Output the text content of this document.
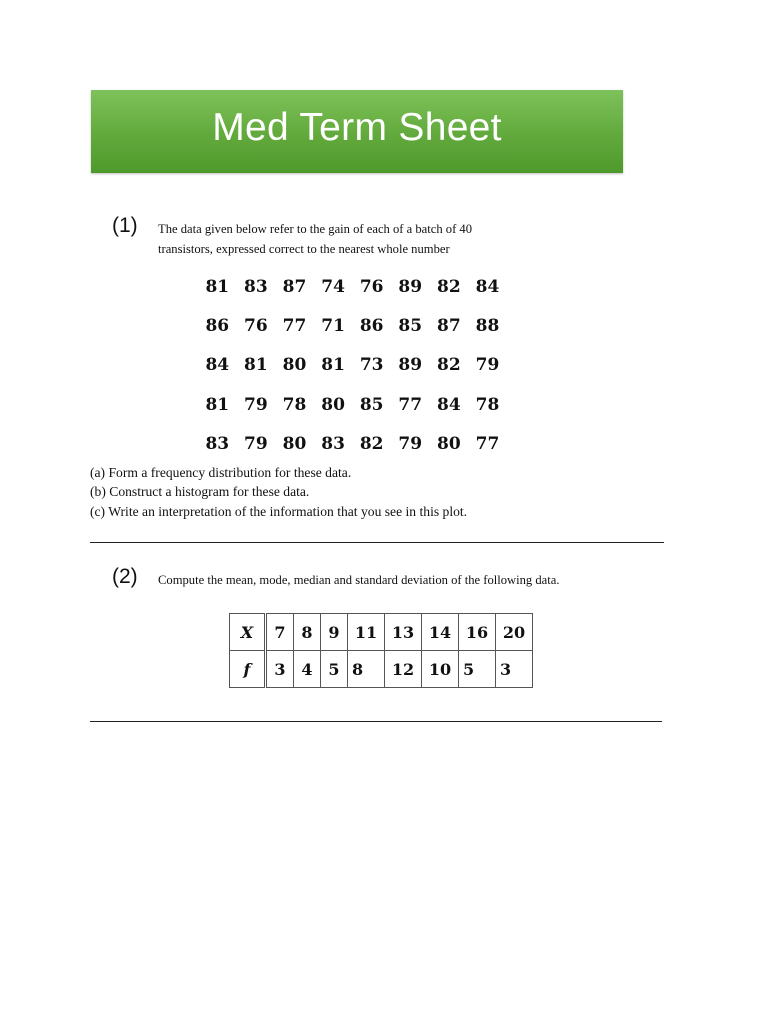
Med Term Sheet
(1) The data given below refer to the gain of each of a batch of 40
transistors, expressed correct to the nearest whole number
81 83 87 74 76 89 82 84
86 76 77 71 86 85 87 88
84 81 80 81 73 89 82 79
81 79 78 80 85 77 84 78
83 79 80 83 82 79 80 77
(a) Form a frequency distribution for these data.
(b) Construct a histogram for these data.
(c) Write an interpretation of the information that you see in this plot.
(2) Compute the mean, mode, median and standard deviation of the following data.
X	7	8	9	11	13	14	16	20
f	3	4	5	8	12	10	5	3
